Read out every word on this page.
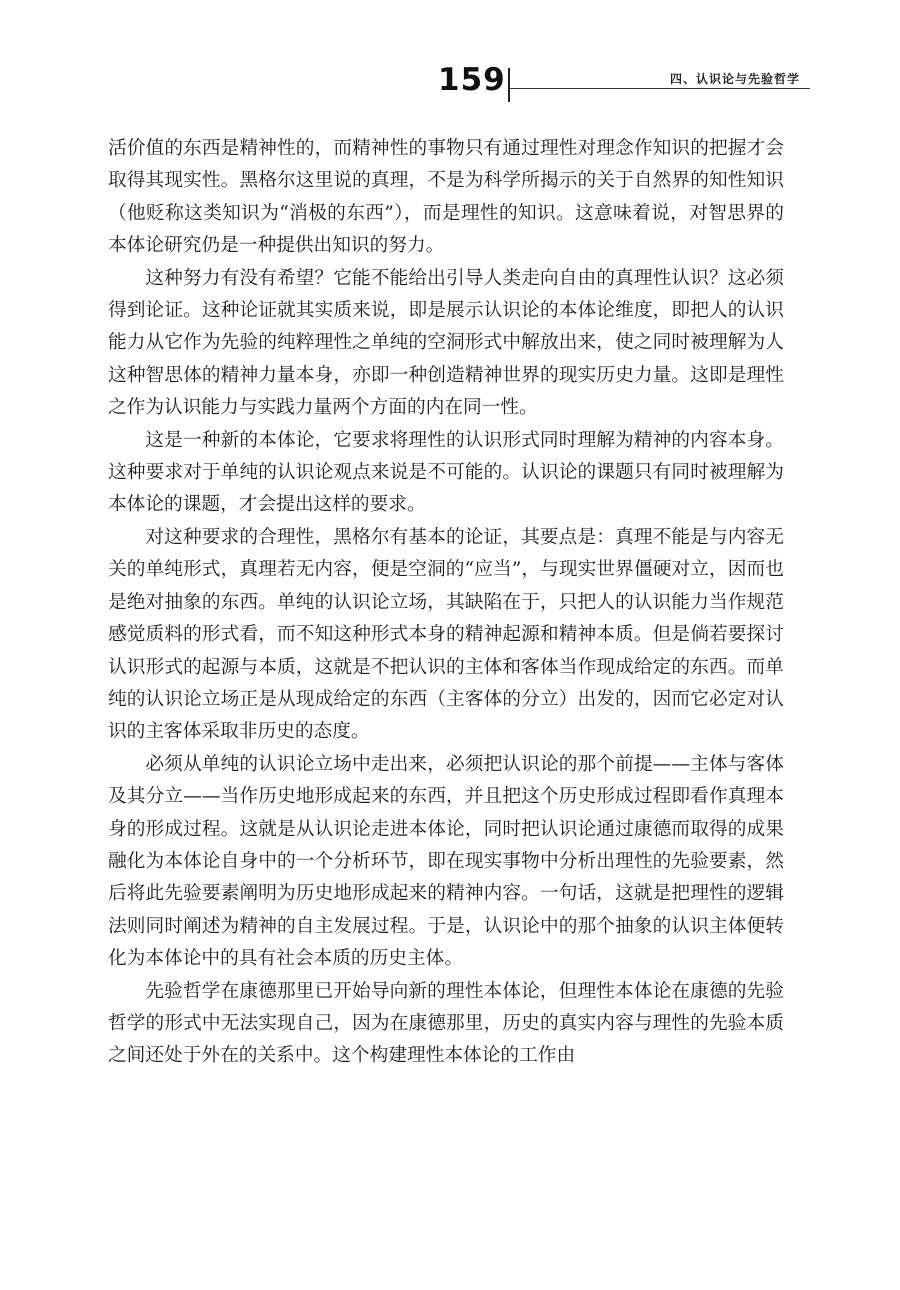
159	四、认识论与先验哲学

活价值的东西是精神性的，而精神性的事物只有通过理性对理念作知识的把握才会取得其现实性。黑格尔这里说的真理，不是为科学所揭示的关于自然界的知性知识（他贬称这类知识为“消极的东西”），而是理性的知识。这意味着说，对智思界的本体论研究仍是一种提供出知识的努力。

这种努力有没有希望？它能不能给出引导人类走向自由的真理性认识？这必须得到论证。这种论证就其实质来说，即是展示认识论的本体论维度，即把人的认识能力从它作为先验的纯粹理性之单纯的空洞形式中解放出来，使之同时被理解为人这种智思体的精神力量本身，亦即一种创造精神世界的现实历史力量。这即是理性之作为认识能力与实践力量两个方面的内在同一性。

这是一种新的本体论，它要求将理性的认识形式同时理解为精神的内容本身。这种要求对于单纯的认识论观点来说是不可能的。认识论的课题只有同时被理解为本体论的课题，才会提出这样的要求。

对这种要求的合理性，黑格尔有基本的论证，其要点是：真理不能是与内容无关的单纯形式，真理若无内容，便是空洞的“应当”，与现实世界僵硬对立，因而也是绝对抽象的东西。单纯的认识论立场，其缺陷在于，只把人的认识能力当作规范感觉质料的形式看，而不知这种形式本身的精神起源和精神本质。但是倘若要探讨认识形式的起源与本质，这就是不把认识的主体和客体当作现成给定的东西。而单纯的认识论立场正是从现成给定的东西（主客体的分立）出发的，因而它必定对认识的主客体采取非历史的态度。

必须从单纯的认识论立场中走出来，必须把认识论的那个前提——主体与客体及其分立——当作历史地形成起来的东西，并且把这个历史形成过程即看作真理本身的形成过程。这就是从认识论走进本体论，同时把认识论通过康德而取得的成果融化为本体论自身中的一个分析环节，即在现实事物中分析出理性的先验要素，然后将此先验要素阐明为历史地形成起来的精神内容。一句话，这就是把理性的逻辑法则同时阐述为精神的自主发展过程。于是，认识论中的那个抽象的认识主体便转化为本体论中的具有社会本质的历史主体。

先验哲学在康德那里已开始导向新的理性本体论，但理性本体论在康德的先验哲学的形式中无法实现自己，因为在康德那里，历史的真实内容与理性的先验本质之间还处于外在的关系中。这个构建理性本体论的工作由
